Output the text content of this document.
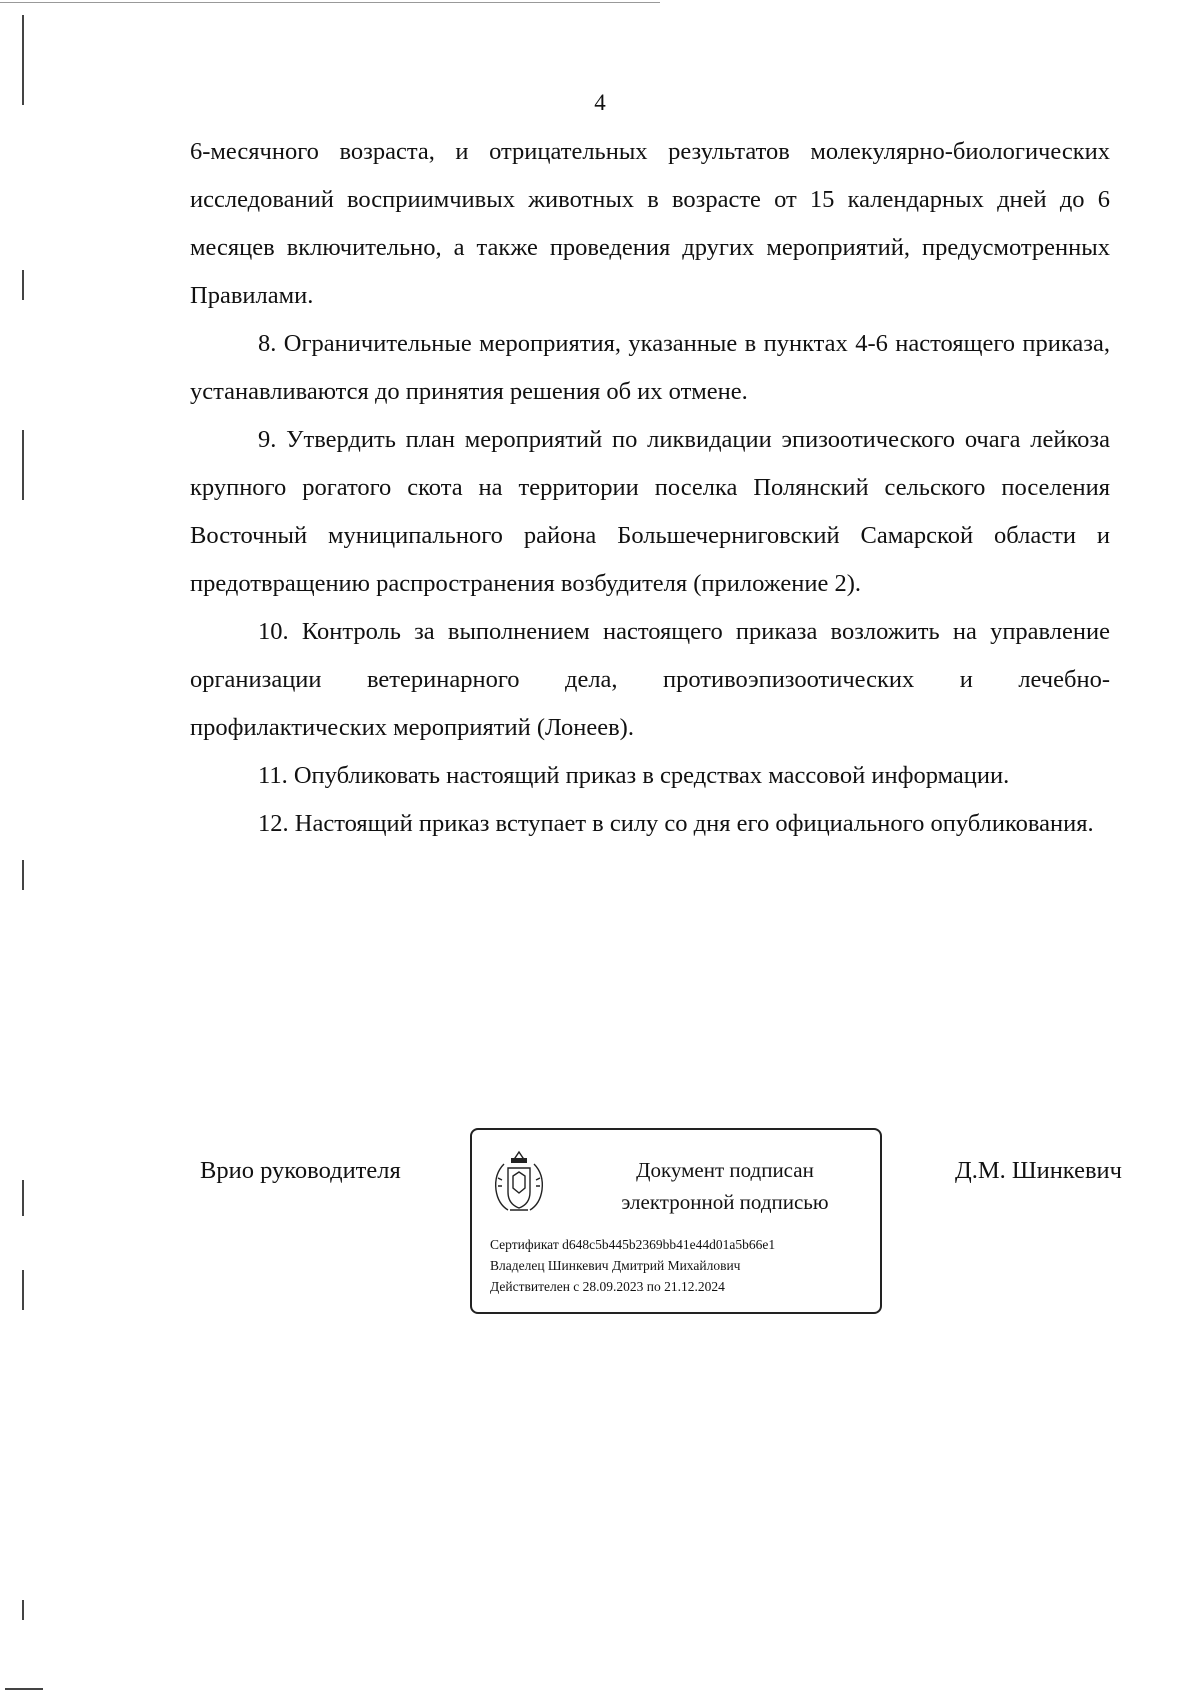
4

6-месячного возраста, и отрицательных результатов молекулярно-биологических исследований восприимчивых животных в возрасте от 15 календарных дней до 6 месяцев включительно, а также проведения других мероприятий, предусмотренных Правилами.

8. Ограничительные мероприятия, указанные в пунктах 4-6 настоящего приказа, устанавливаются до принятия решения об их отмене.

9. Утвердить план мероприятий по ликвидации эпизоотического очага лейкоза крупного рогатого скота на территории поселка Полянский сельского поселения Восточный муниципального района Большечерниговский Самарской области и предотвращению распространения возбудителя (приложение 2).

10. Контроль за выполнением настоящего приказа возложить на управление организации ветеринарного дела, противоэпизоотических и лечебно-профилактических мероприятий (Лонеев).

11. Опубликовать настоящий приказ в средствах массовой информации.

12. Настоящий приказ вступает в силу со дня его официального опубликования.

Врио руководителя	Документ подписан
электронной подписью
Сертификат d648c5b445b2369bb41e44d01a5b66e1
Владелец Шинкевич Дмитрий Михайлович
Действителен с 28.09.2023 по 21.12.2024
Д.М. Шинкевич
